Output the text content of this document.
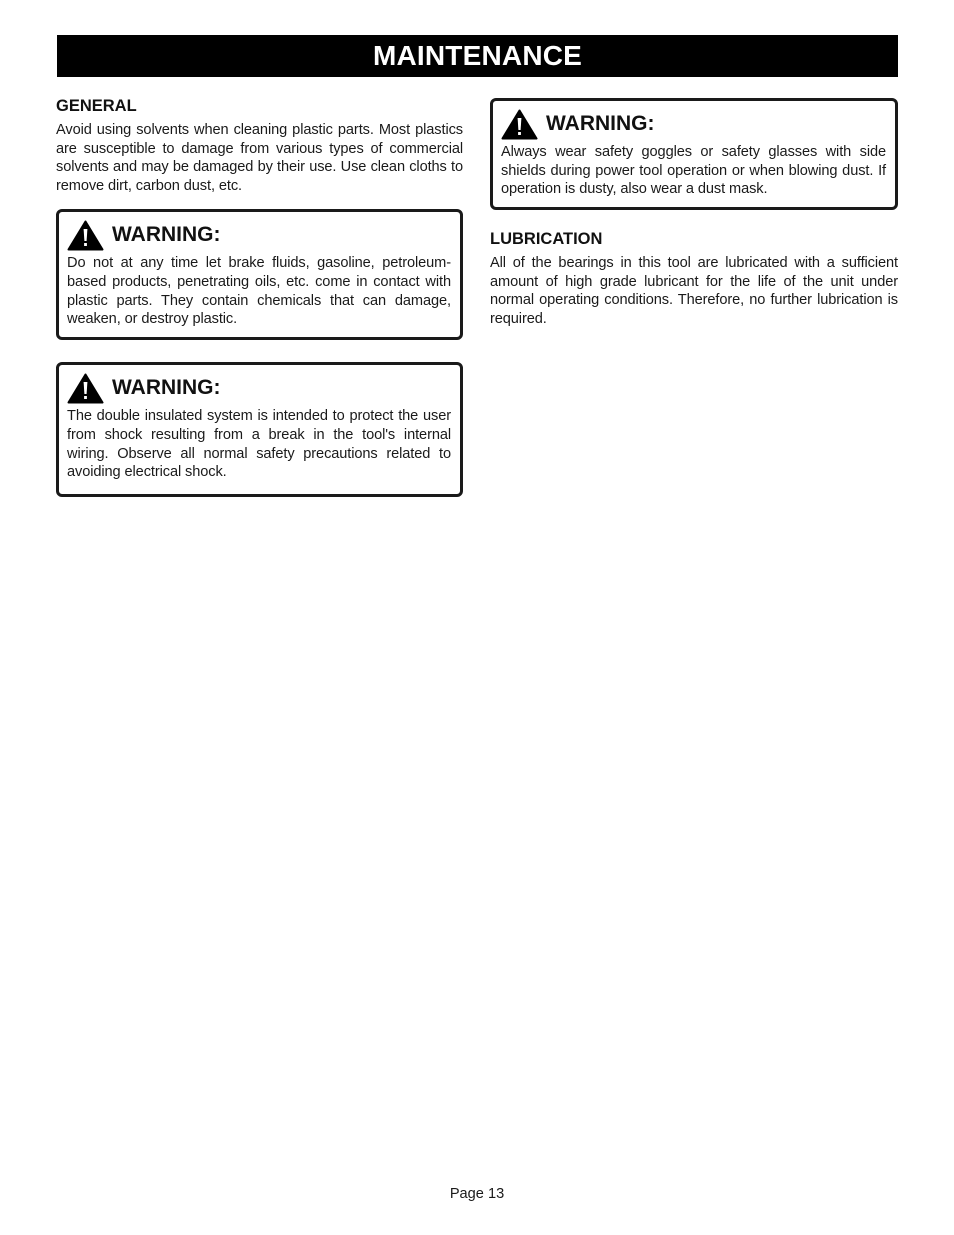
MAINTENANCE
GENERAL

Avoid using solvents when cleaning plastic parts. Most plastics are susceptible to damage from various types of commercial solvents and may be damaged by their use. Use clean cloths to remove dirt, carbon dust, etc.

WARNING:

Do not at any time let brake fluids, gasoline, petroleum-based products, penetrating oils, etc. come in contact with plastic parts. They contain chemicals that can damage, weaken, or destroy plastic.

WARNING:

The double insulated system is intended to protect the user from shock resulting from a break in the tool's internal wiring. Observe all normal safety precautions related to avoiding electrical shock.

WARNING:

Always wear safety goggles or safety glasses with side shields during power tool operation or when blowing dust. If operation is dusty, also wear a dust mask.

LUBRICATION

All of the bearings in this tool are lubricated with a sufficient amount of high grade lubricant for the life of the unit under normal operating conditions. Therefore, no further lubrication is required.

Page 13
